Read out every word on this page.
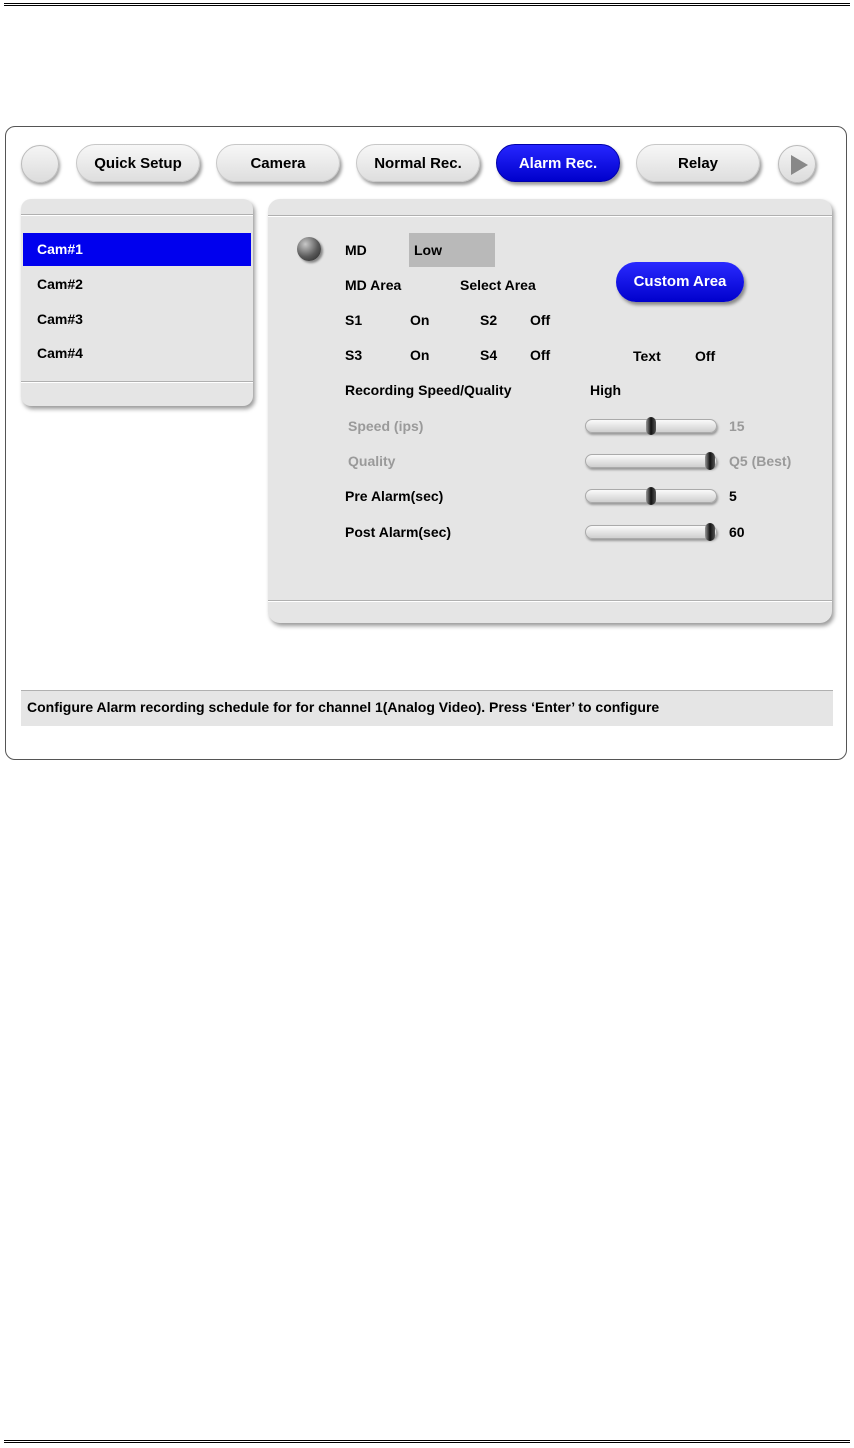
Quick Setup	Camera	Normal Rec.	Alarm Rec.	Relay
Cam#1
Cam#2
Cam#3
Cam#4
MD	Low
MD Area	Select Area	Custom Area
S1	On	S2 Off
S3	On	S4 Off	Text Off
Recording Speed/Quality	High
Speed (ips)	15
Quality	Q5 (Best)
Pre Alarm(sec)	5
Post Alarm(sec)	60
Configure Alarm recording schedule for for channel 1(Analog Video). Press ‘Enter’ to configure
